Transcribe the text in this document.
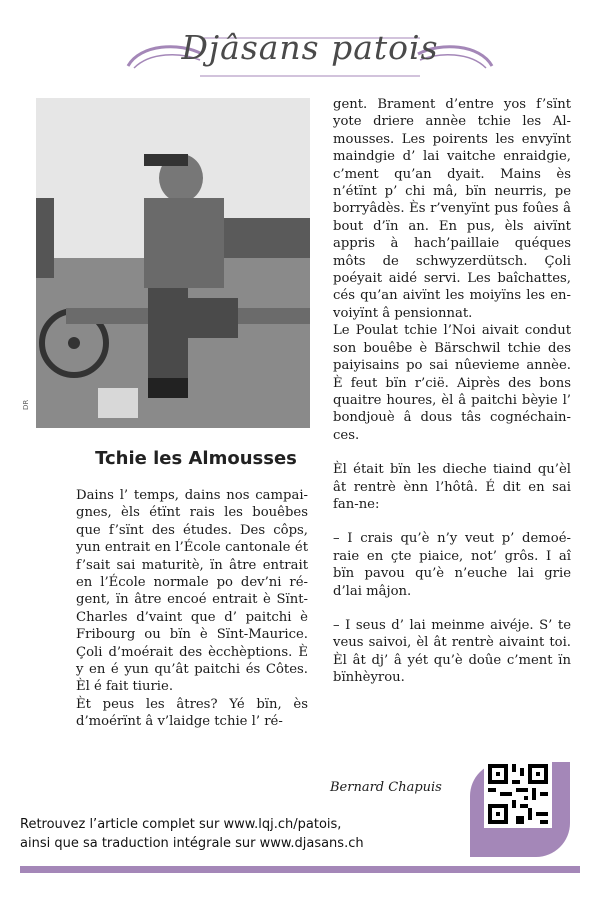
Djâsans patois
DR
Tchie les Almousses

Dains l’ temps, dains nos campai-gnes, èls étïnt rais les bouêbes que f’sïnt des études. Des côps, yun entrait en l’École cantonale ét f’sait sai maturitè, ïn âtre entrait en l’École normale po dev’ni ré-gent, ïn âtre encoé entrait è Sïnt-Charles d’vaint que d’ paitchi è Fribourg ou bïn è Sïnt-Maurice. Çoli d’moérait des ècchèptions. È y en é yun qu’ât paitchi és Côtes. Èl é fait tiurie.

Èt peus les âtres? Yé bïn, ès d’moérïnt â v’laidge tchie l’ ré-

gent. Brament d’entre yos f’sïnt yote driere annèe tchie les Al-mousses. Les poirents les envyïnt maindgie d’ lai vaitche enraidgie, c’ment qu’an dyait. Mains ès n’étïnt p’ chi mâ, bïn neurris, pe borryâdès. Ès r’venyïnt pus foûes â bout d’ïn an. En pus, èls aivïnt appris à hach’paillaie quéques môts de schwyzerdütsch. Çoli poéyait aidé servi. Les baîchattes, cés qu’an aivïnt les moiyïns les en-voiyïnt â pensionnat.

Le Poulat tchie l’Noi aivait condut son bouêbe è Bärschwil tchie des paiyisains po sai nûevieme annèe. È feut bïn r’cië. Aiprès des bons quaitre houres, èl â paitchi bèyie l’ bondjouè â dous tâs cognéchain-ces.

Èl était bïn les dieche tiaind qu’èl ât rentrè ènn l’hôtâ. É dit en sai fan-ne:

– I crais qu’è n’y veut p’ demoé-raie en çte piaice, not’ grôs. I aî bïn pavou qu’è n’euche lai grie d’lai mâjon.

– I seus d’ lai meinme aivéje. S’ te veus saivoi, èl ât rentrè aivaint toi. Èl ât dj’ â yét qu’è doûe c’ment ïn bïnhèyrou.

Bernard Chapuis
Retrouvez l’article complet sur www.lqj.ch/patois,
ainsi que sa traduction intégrale sur www.djasans.ch
